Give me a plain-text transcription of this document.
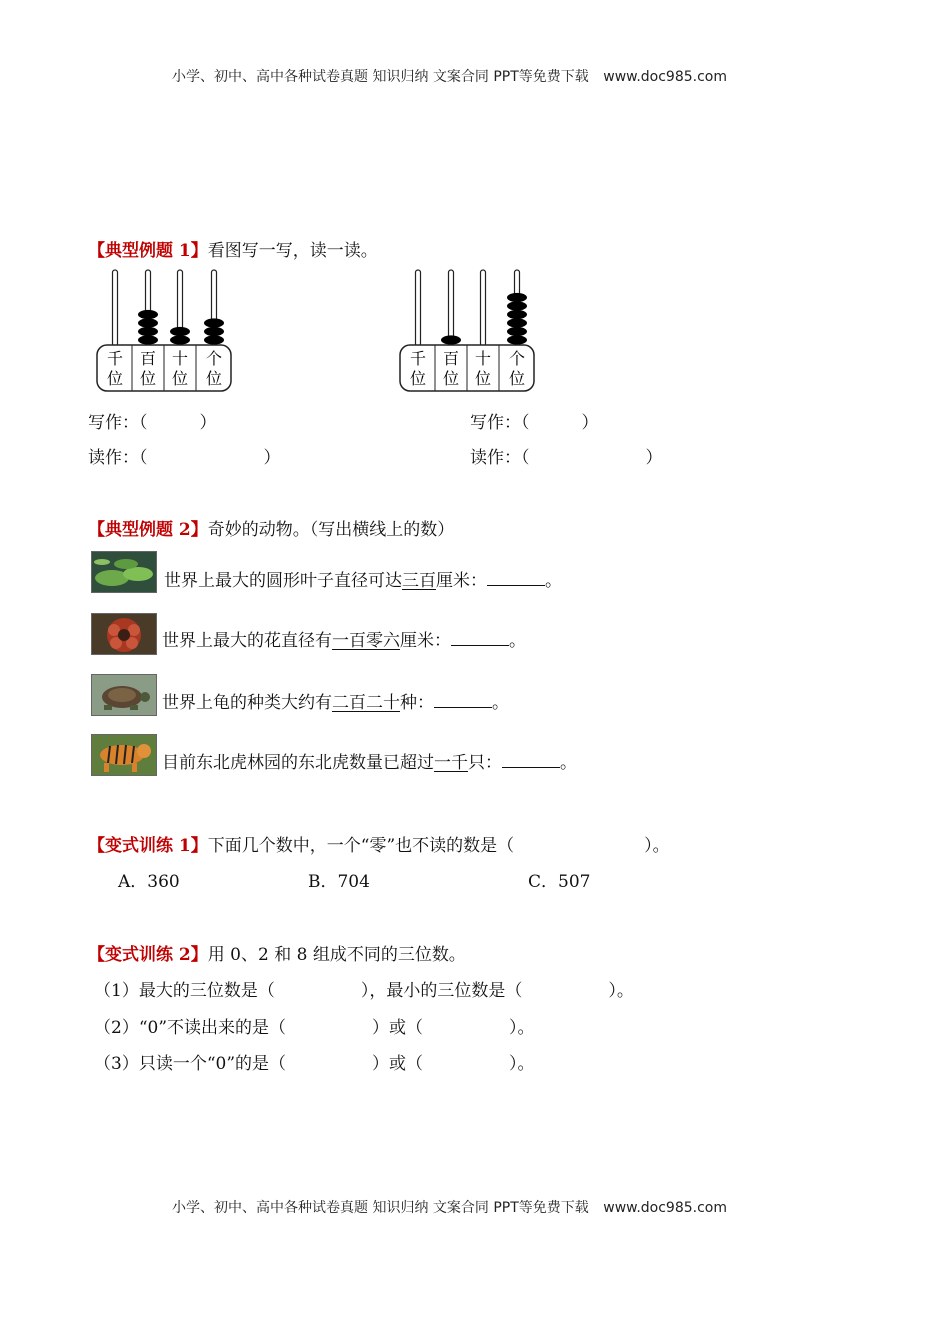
小学、初中、高中各种试卷真题 知识归纳 文案合同 PPT等免费下载 www.doc985.com
【典型例题 1】看图写一写，读一读。
千
位
百
位
十
位
个
位
千
位
百
位
十
位
个
位
写作：（	）	写作：（	）
读作：（	）	读作：（	）
【典型例题 2】奇妙的动物。（写出横线上的数）
世界上最大的圆形叶子直径可达三百厘米：	。
世界上最大的花直径有一百零六厘米：	。
世界上龟的种类大约有二百二十种：	。
目前东北虎林园的东北虎数量已超过一千只：	。
【变式训练 1】下面几个数中，一个“零”也不读的数是（	）。
A．360	B．704	C．507
【变式训练 2】用 0、2 和 8 组成不同的三位数。
（1）最大的三位数是（	），最小的三位数是（	）。
（2）“0”不读出来的是（	）或（	）。
（3）只读一个“0”的是（	）或（	）。
小学、初中、高中各种试卷真题 知识归纳 文案合同 PPT等免费下载 www.doc985.com
